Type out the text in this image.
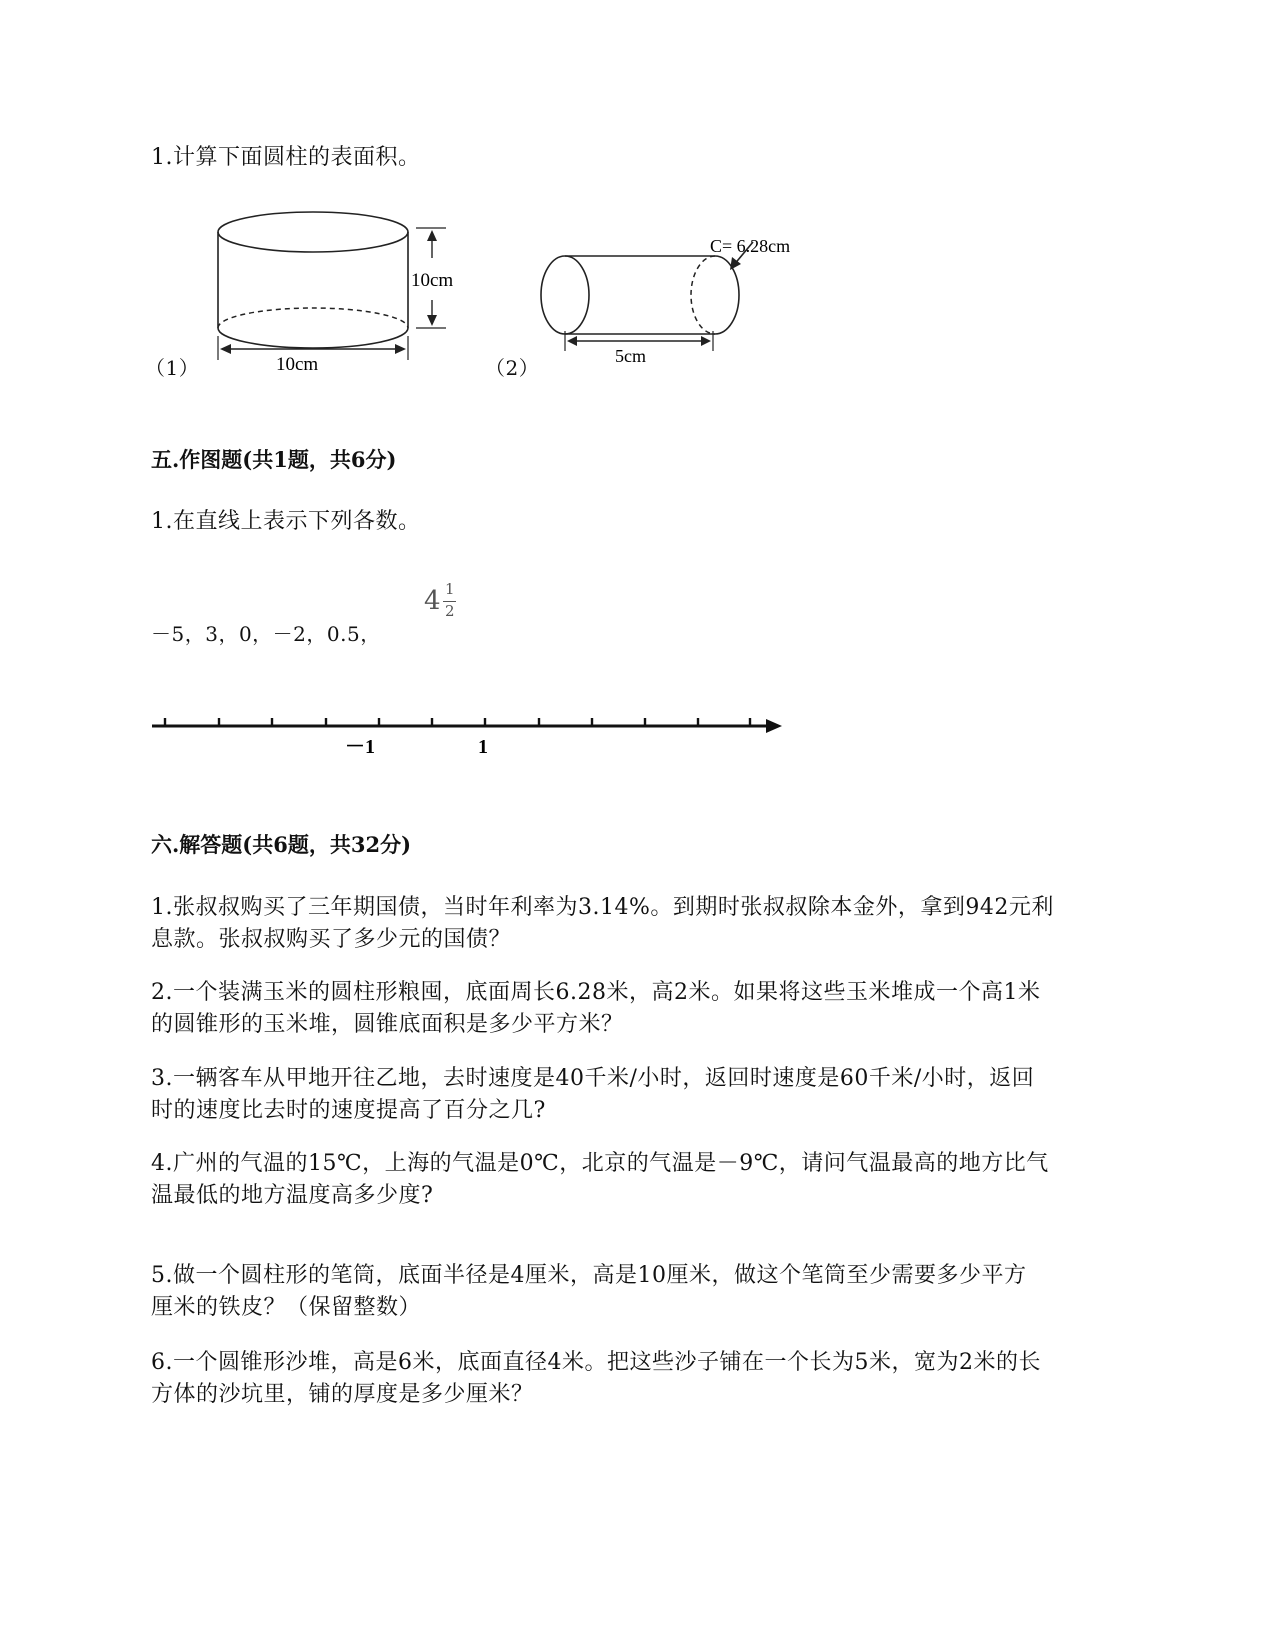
1.计算下面圆柱的表面积。
10cm
10cm
（1）
C= 6.28cm
5cm
（2）
五.作图题(共1题，共6分)
1.在直线上表示下列各数。
－5，3，0，－2，0.5，
4 1
2
－1	1
六.解答题(共6题，共32分)
1.张叔叔购买了三年期国债，当时年利率为3.14%。到期时张叔叔除本金外，拿到942元利
息款。张叔叔购买了多少元的国债？
2.一个装满玉米的圆柱形粮囤，底面周长6.28米，高2米。如果将这些玉米堆成一个高1米
的圆锥形的玉米堆，圆锥底面积是多少平方米？
3.一辆客车从甲地开往乙地，去时速度是40千米/小时，返回时速度是60千米/小时，返回
时的速度比去时的速度提高了百分之几?
4.广州的气温的15℃，上海的气温是0℃，北京的气温是－9℃，请问气温最高的地方比气
温最低的地方温度高多少度?
5.做一个圆柱形的笔筒，底面半径是4厘米，高是10厘米，做这个笔筒至少需要多少平方
厘米的铁皮？（保留整数）
6.一个圆锥形沙堆，高是6米，底面直径4米。把这些沙子铺在一个长为5米，宽为2米的长
方体的沙坑里，铺的厚度是多少厘米？
